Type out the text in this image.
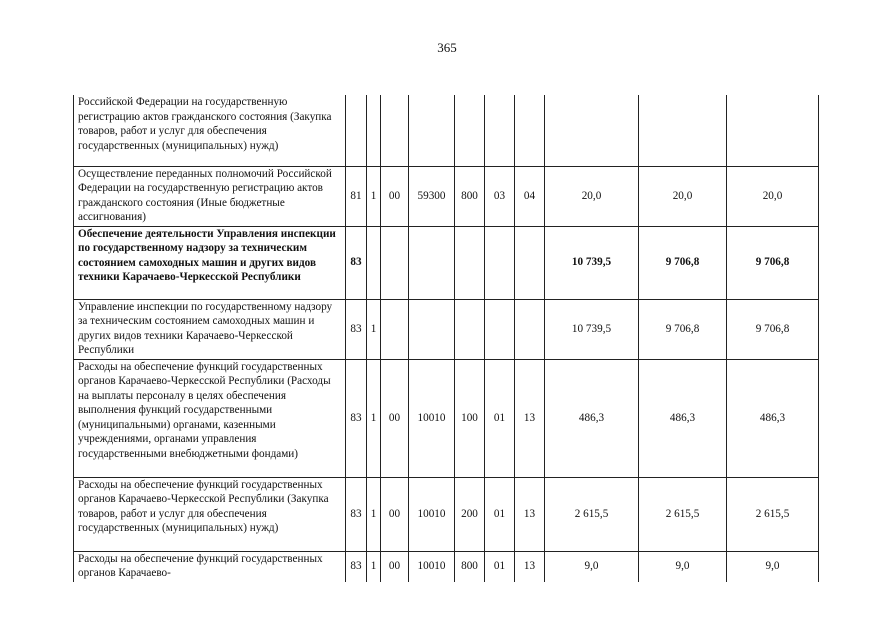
365
Российской Федерации на государственную регистрацию актов гражданского состояния (Закупка товаров, работ и услуг для обеспечения государственных (муниципальных) нужд)										
Осуществление переданных полномочий Российской Федерации на государственную регистрацию актов гражданского состояния (Иные бюджетные ассигнования)	81	1	00	59300	800	03	04	20,0	20,0	20,0
Обеспечение деятельности Управления инспекции по государственному надзору за техническим состоянием самоходных машин и других видов техники Карачаево-Черкесской Республики	83							10 739,5	9 706,8	9 706,8
Управление инспекции по государственному надзору за техническим состоянием самоходных машин и других видов техники Карачаево-Черкесской Республики	83	1						10 739,5	9 706,8	9 706,8
Расходы на обеспечение функций государственных органов Карачаево-Черкесской Республики (Расходы на выплаты персоналу в целях обеспечения выполнения функций государственными (муниципальными) органами, казенными учреждениями, органами управления государственными внебюджетными фондами)	83	1	00	10010	100	01	13	486,3	486,3	486,3
Расходы на обеспечение функций государственных органов Карачаево-Черкесской Республики (Закупка товаров, работ и услуг для обеспечения государственных (муниципальных) нужд)	83	1	00	10010	200	01	13	2 615,5	2 615,5	2 615,5
Расходы на обеспечение функций государственных органов Карачаево-	83	1	00	10010	800	01	13	9,0	9,0	9,0
